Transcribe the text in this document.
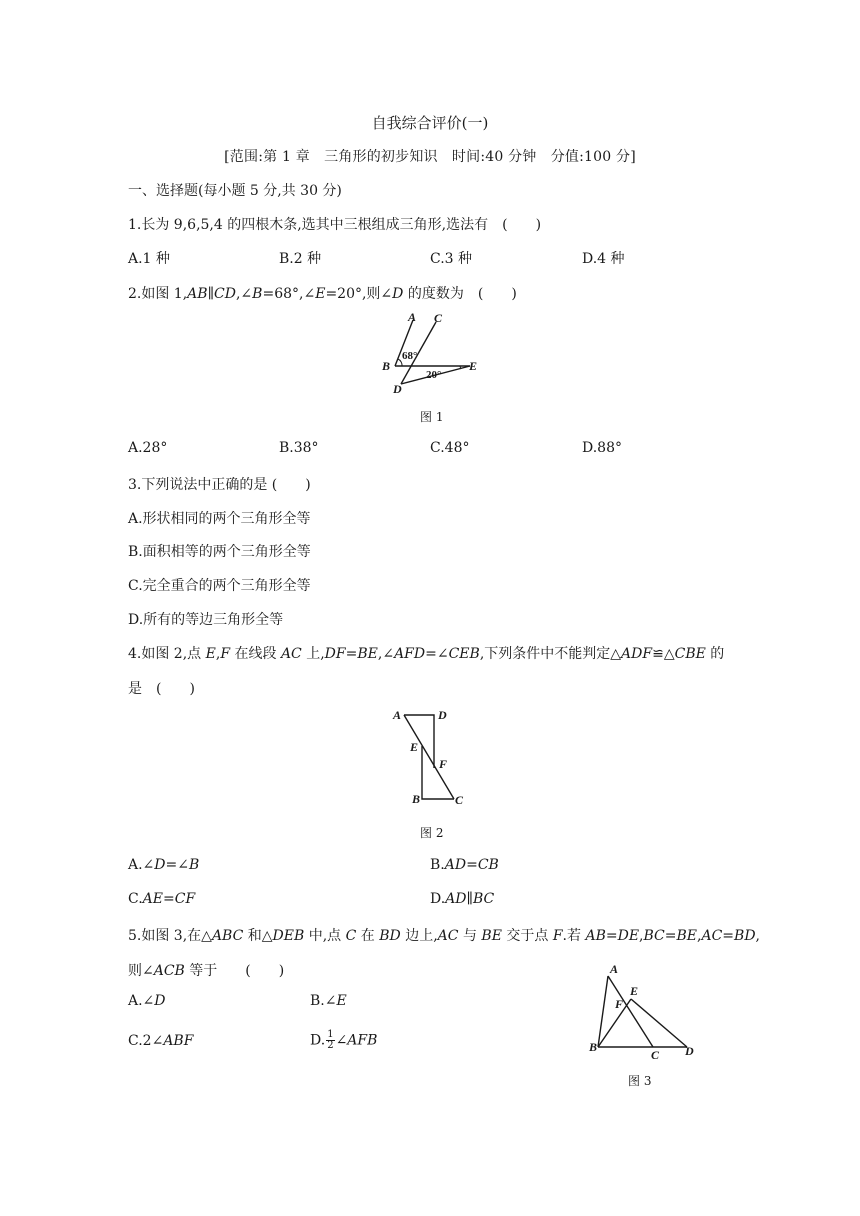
自我综合评价(一)
[范围:第 1 章　三角形的初步知识　时间:40 分钟　分值:100 分]
一、选择题(每小题 5 分,共 30 分)
1.长为 9,6,5,4 的四根木条,选其中三根组成三角形,选法有　(　　)
A.1 种	B.2 种	C.3 种	D.4 种
2.如图 1,AB∥CD,∠B=68°,∠E=20°,则∠D 的度数为　(　　)
A C
B
D
E
68°
20°
图 1
A.28°	B.38°	C.48°	D.88°
3.下列说法中正确的是 (　　)
A.形状相同的两个三角形全等
B.面积相等的两个三角形全等
C.完全重合的两个三角形全等
D.所有的等边三角形全等
4.如图 2,点 E,F 在线段 AC 上,DF=BE,∠AFD=∠CEB,下列条件中不能判定△ADF≌△CBE 的
是　(　　)
A	D
E
F
B	C
图 2
A.∠D=∠B	B.AD=CB
C.AE=CF	D.AD∥BC
5.如图 3,在△ABC 和△DEB 中,点 C 在 BD 边上,AC 与 BE 交于点 F.若 AB=DE,BC=BE,AC=BD,
则∠ACB 等于　　(　　)
A.∠D	B.∠E
C.2∠ABF	D. $\frac{1}{2}$ ∠AFB
A
E
F
B
C D
图 3
